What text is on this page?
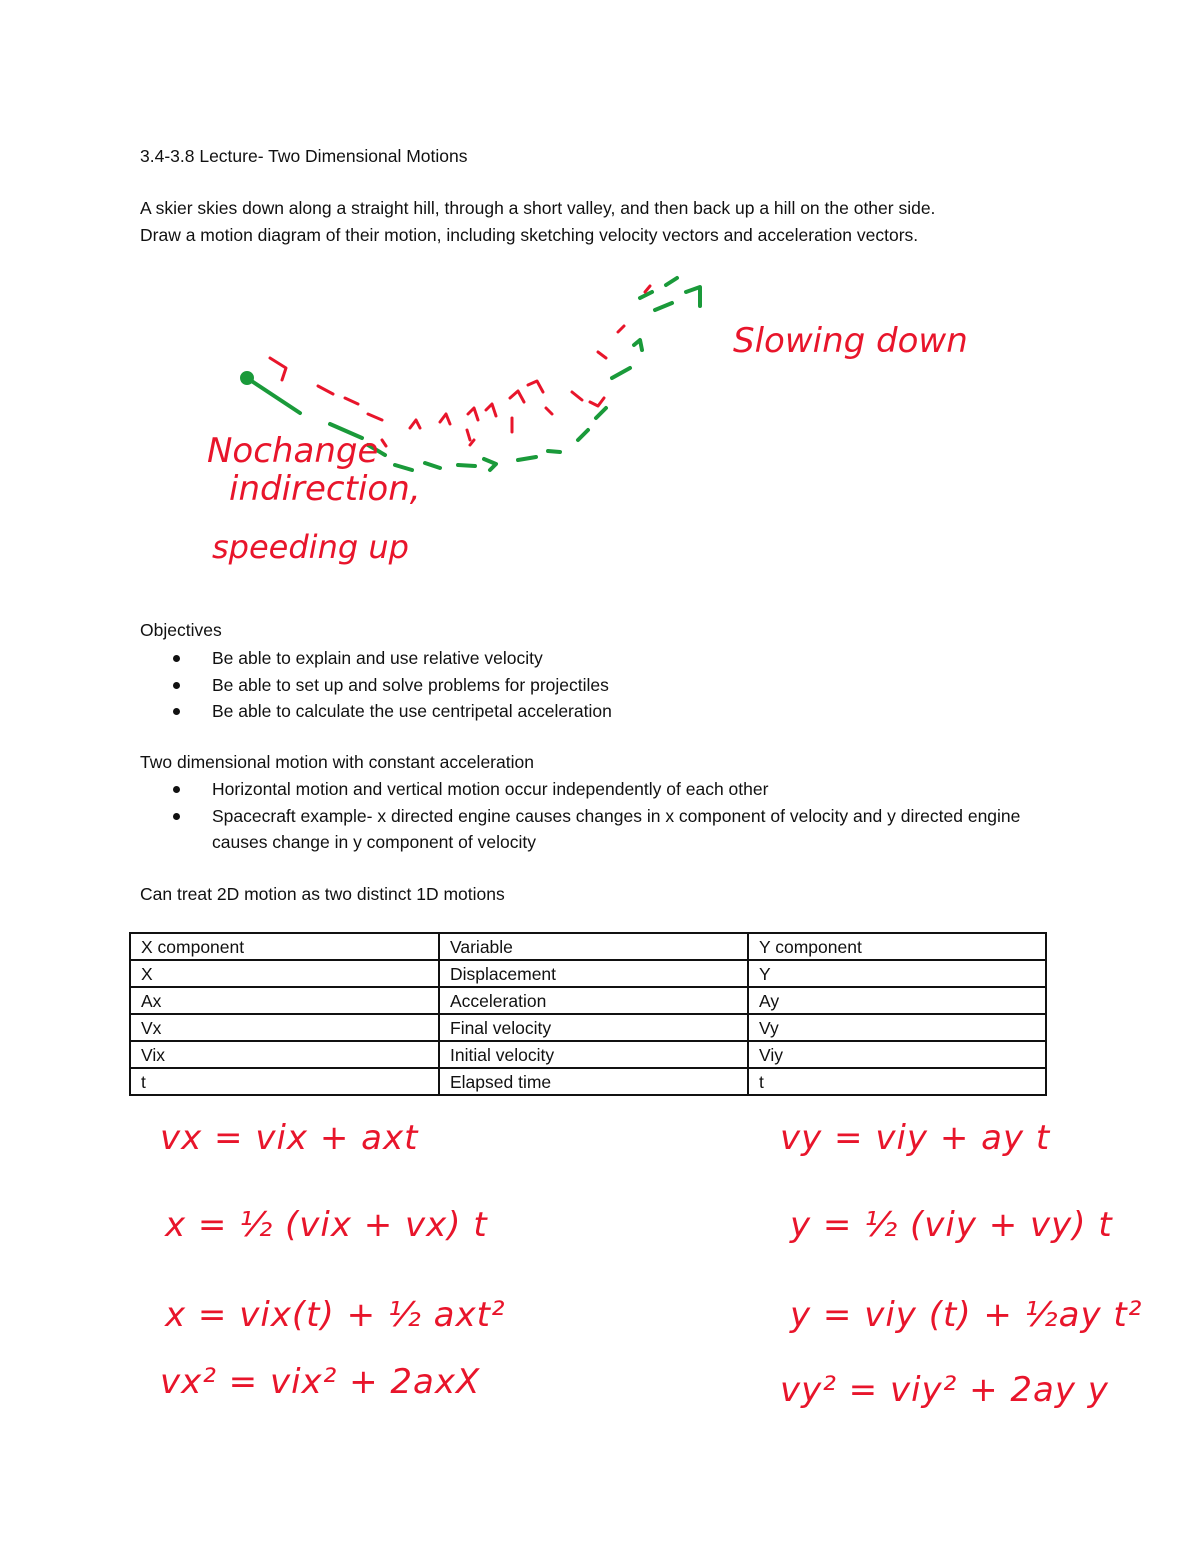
3.4-3.8 Lecture- Two Dimensional Motions
A skier skies down along a straight hill, through a short valley, and then back up a hill on the other side.
Draw a motion diagram of their motion, including sketching velocity vectors and acceleration vectors.
Nochange
indirection,
speeding up
Slowing down
Objectives
Be able to explain and use relative velocity
Be able to set up and solve problems for projectiles
Be able to calculate the use centripetal acceleration
Two dimensional motion with constant acceleration
Horizontal motion and vertical motion occur independently of each other
Spacecraft example- x directed engine causes changes in x component of velocity and y directed engine causes change in y component of velocity
Can treat 2D motion as two distinct 1D motions
X component	Variable	Y component
X	Displacement	Y
Ax	Acceleration	Ay
Vx	Final velocity	Vy
Vix	Initial velocity	Viy
t	Elapsed time	t
vx = vix + axt
x = ½ (vix + vx) t
x = vix(t) + ½ axt²
vx² = vix² + 2axX
vy = viy + ay t
y = ½ (viy + vy) t
y = viy (t) + ½ay t²
vy² = viy² + 2ay y
